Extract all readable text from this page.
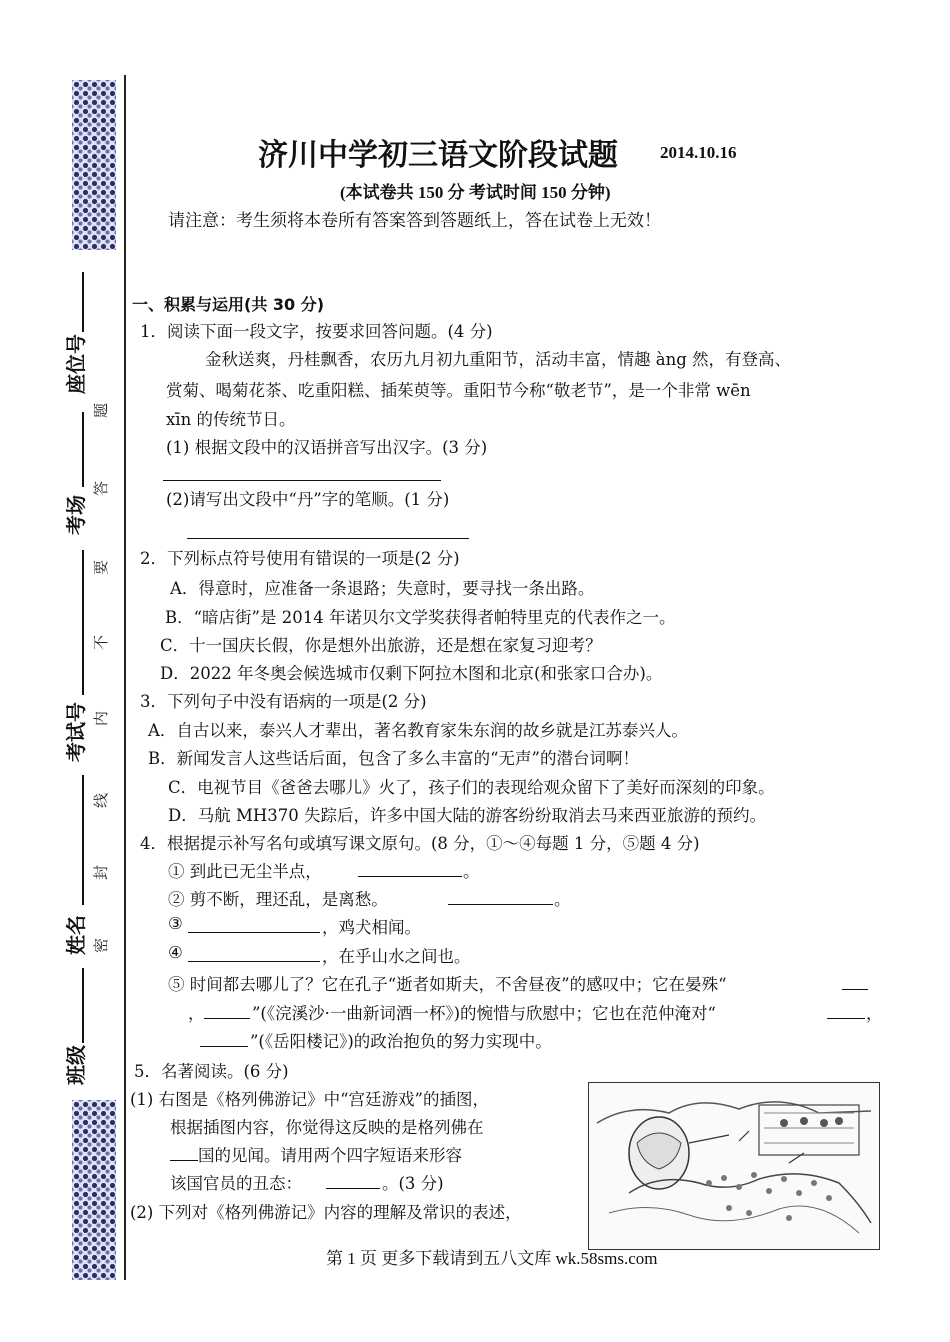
座位号
考场
考试号
姓名
班级
密
封
线
内
不
要
答
题
济川中学初三语文阶段试题 2014.10.16
(本试卷共 150 分 考试时间 150 分钟)
请注意：考生须将本卷所有答案答到答题纸上，答在试卷上无效！
一、积累与运用(共 30 分)
1．阅读下面一段文字，按要求回答问题。(4 分)
金秋送爽，丹桂飘香，农历九月初九重阳节，活动丰富，情趣 àng 然，有登高、
赏菊、喝菊花茶、吃重阳糕、插茱萸等。重阳节今称“敬老节”，是一个非常 wēn
xīn 的传统节日。
(1) 根据文段中的汉语拼音写出汉字。(3 分)
(2)请写出文段中“丹”字的笔顺。(1 分)
2．下列标点符号使用有错误的一项是(2 分)
A．得意时，应准备一条退路；失意时，要寻找一条出路。
B．“暗店街”是 2014 年诺贝尔文学奖获得者帕特里克的代表作之一。
C．十一国庆长假，你是想外出旅游，还是想在家复习迎考？
D．2022 年冬奥会候选城市仅剩下阿拉木图和北京(和张家口合办)。
3．下列句子中没有语病的一项是(2 分)
A．自古以来，泰兴人才辈出，著名教育家朱东润的故乡就是江苏泰兴人。
B．新闻发言人这些话后面，包含了多么丰富的“无声”的潜台词啊！
C．电视节目《爸爸去哪儿》火了，孩子们的表现给观众留下了美好而深刻的印象。
D．马航 MH370 失踪后，许多中国大陆的游客纷纷取消去马来西亚旅游的预约。
4．根据提示补写名句或填写课文原句。(8 分，①～④每题 1 分，⑤题 4 分)
① 到此已无尘半点，	。
② 剪不断，理还乱，是离愁。	。
③	，鸡犬相闻。
④	，在乎山水之间也。
⑤ 时间都去哪儿了？它在孔子“逝者如斯夫，不舍昼夜”的感叹中；它在晏殊“
，	”(《浣溪沙·一曲新词酒一杯》)的惋惜与欣慰中；它也在范仲淹对“	，
”(《岳阳楼记》)的政治抱负的努力实现中。
5．名著阅读。(6 分)
(1) 右图是《格列佛游记》中“宫廷游戏”的插图，
根据插图内容，你觉得这反映的是格列佛在
国的见闻。请用两个四字短语来形容
该国官员的丑态：	。(3 分)
(2) 下列对《格列佛游记》内容的理解及常识的表述，
第 1 页 更多下载请到五八文库 wk.58sms.com
